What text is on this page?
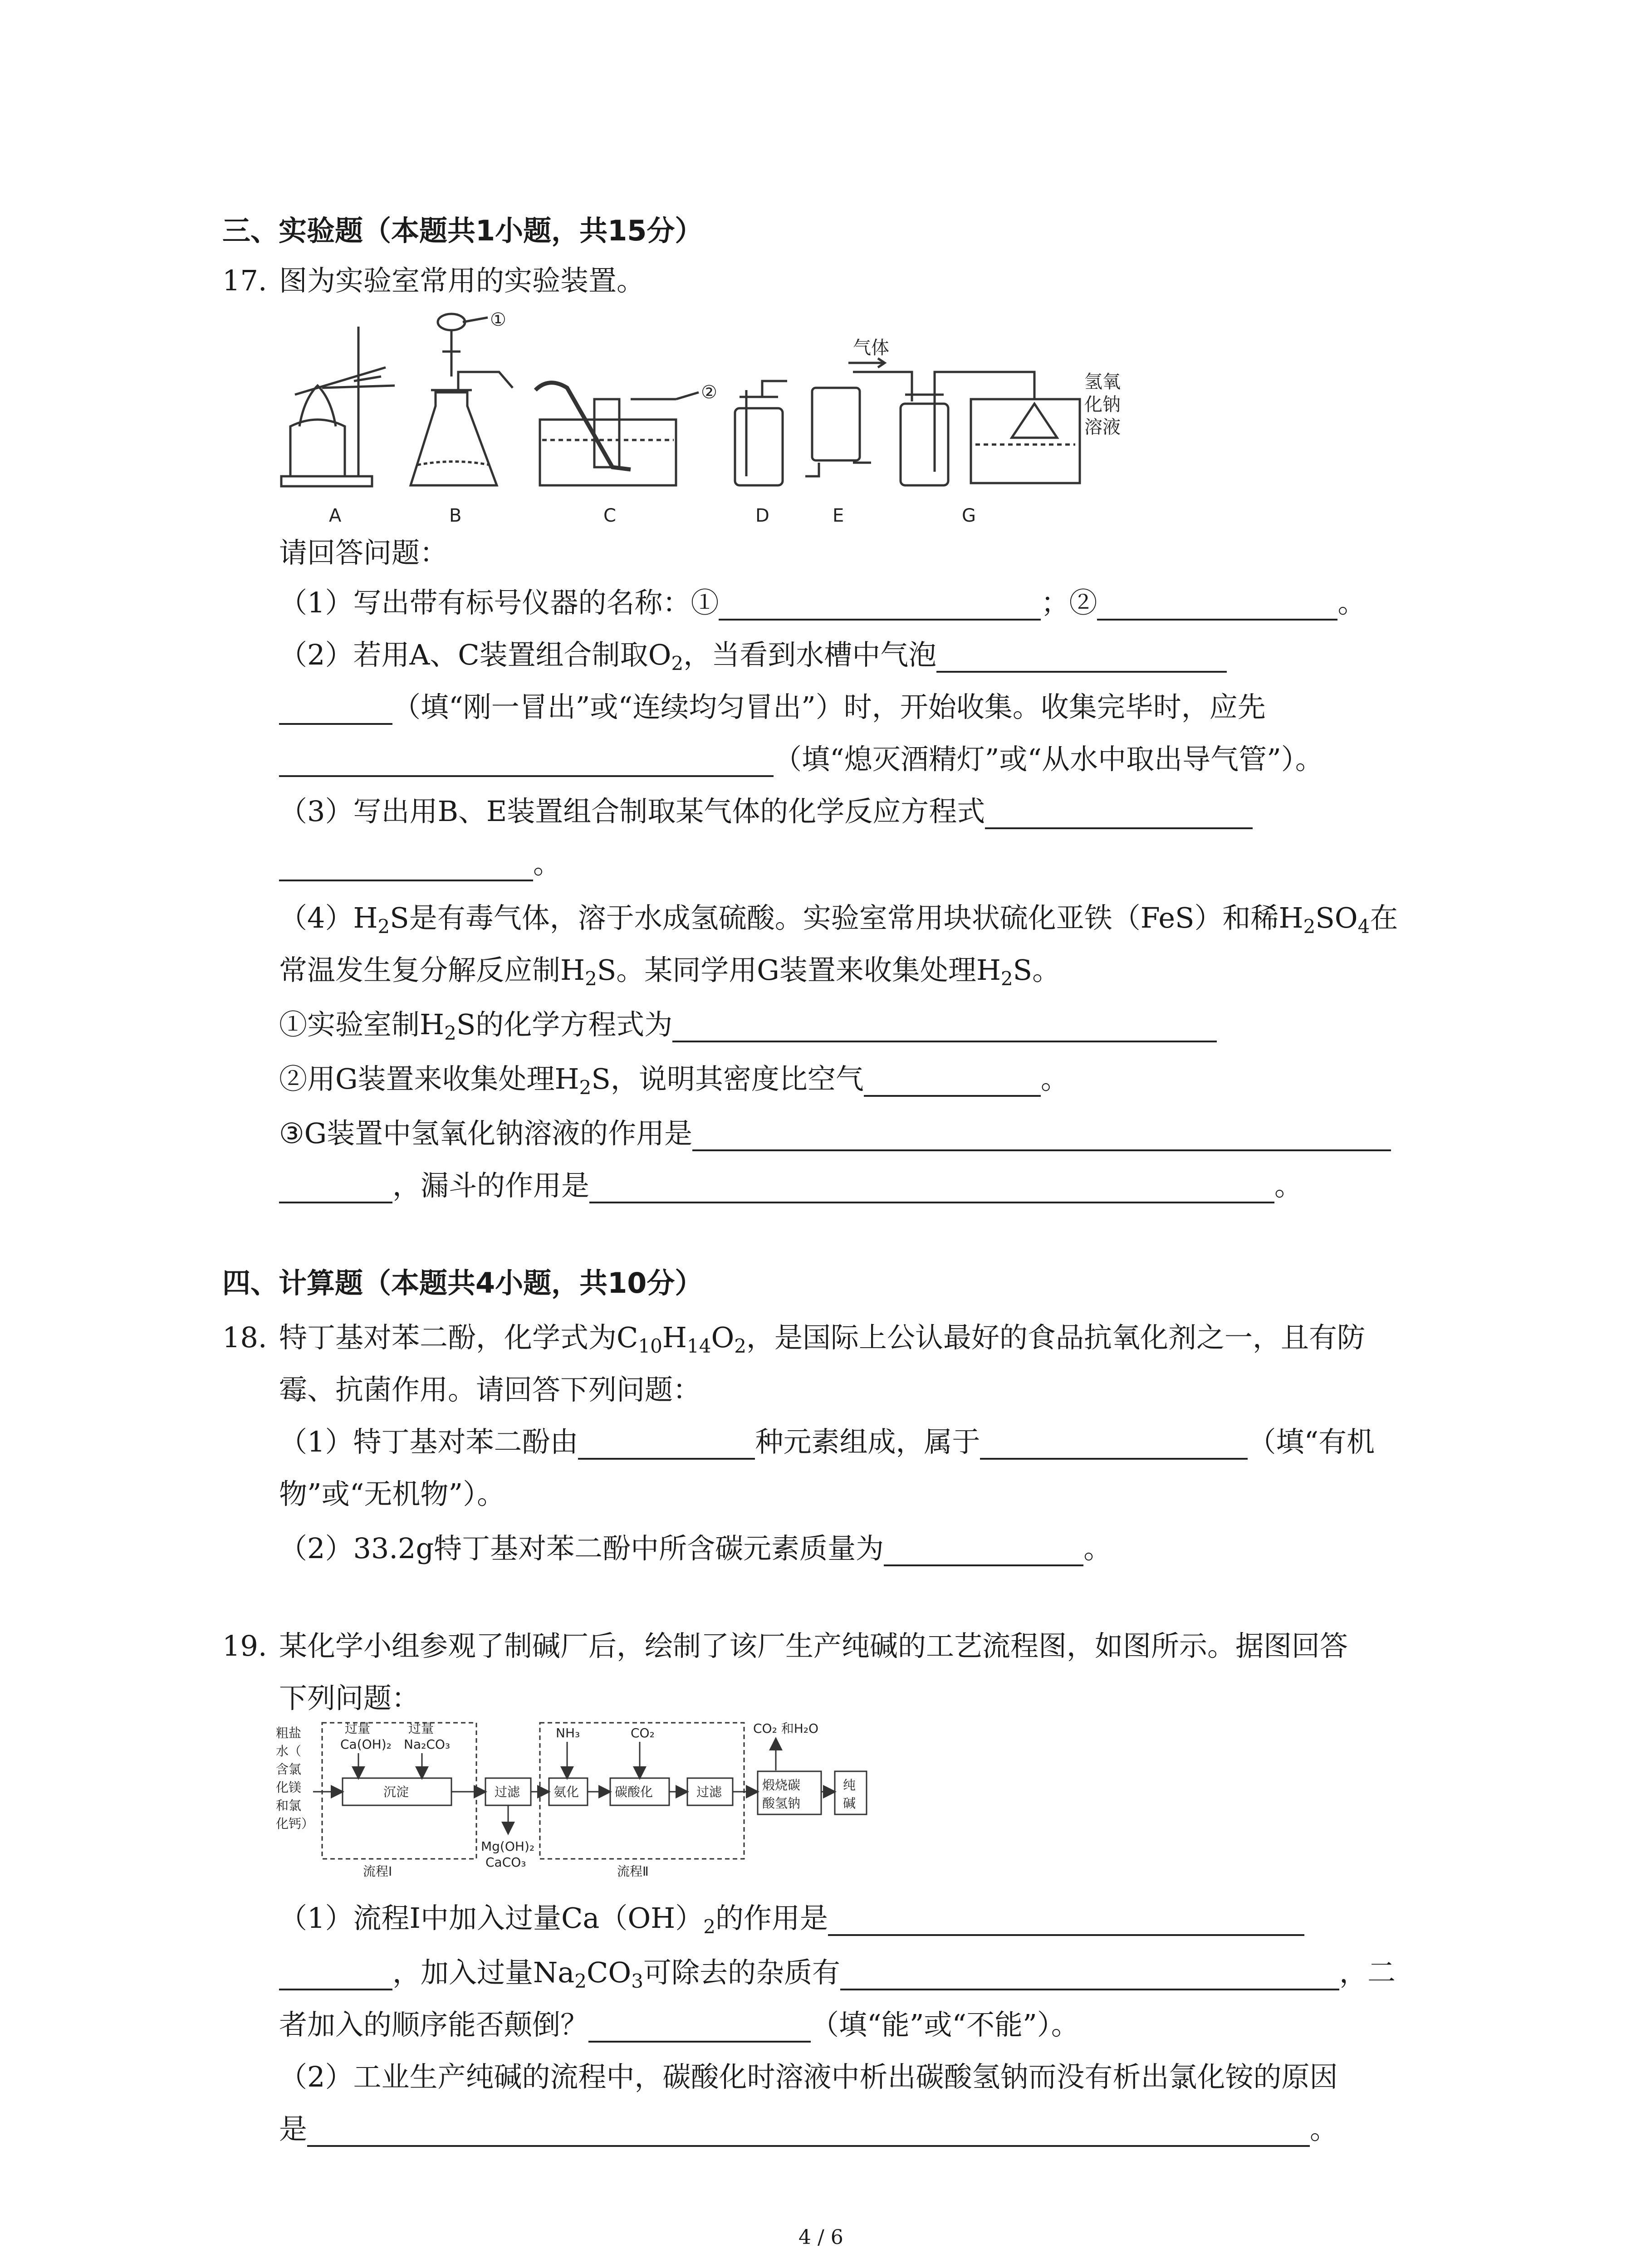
三、实验题（本题共1小题，共15分）
17. 图为实验室常用的实验装置。
氢氧
化钠
溶液
气体
①
②
A	B	C	D	E	G
请回答问题：
（1）写出带有标号仪器的名称：①	；②	。
（2）若用A、C装置组合制取$O_2$，当看到水槽中气泡
（填“刚一冒出”或“连续均匀冒出”）时，开始收集。收集完毕时，应先
（填“熄灭酒精灯”或“从水中取出导气管”）。
（3）写出用B、E装置组合制取某气体的化学反应方程式
。
$(4)H_2S$是有毒气体，溶于水成氢硫酸。实验室常用块状硫化亚铁（FeS）和稀$H_2SO_4$在
常温发生复分解反应制$H_2S$。某同学用G装置来收集处理$H_2S$。
①实验室制$H_2S$的化学方程式为
②用G装置来收集处理$H_2S$，说明其密度比空气	。
③G装置中氢氧化钠溶液的作用是
，漏斗的作用是	。
四、计算题（本题共4小题，共10分）
18. 特丁基对苯二酚，化学式为$C_{10}H_{14}O_2$，是国际上公认最好的食品抗氧化剂之一，且有防
霉、抗菌作用。请回答下列问题：
（1）特丁基对苯二酚由	种元素组成，属于	（填“有机
物”或“无机物”）。
（2）33.2g特丁基对苯二酚中所含碳元素质量为	。
19. 某化学小组参观了制碱厂后，绘制了该厂生产纯碱的工艺流程图，如图所示。据图回答
下列问题：
粗盐
水（
含氯
化镁
和氯
化钙）
过量
Ca(OH)₂
过量
Na₂CO₃
沉淀	过滤
Mg(OH)₂
CaCO₃
NH₃	CO₂
氨化	碳酸化	过滤	煅烧碳
酸氢钠
CO₂ 和H₂O
纯
碱
流程Ⅰ	流程Ⅱ
（1）流程Ⅰ中加入过量$Ca(OH)_2$的作用是
，加入过量$Na_2CO_3$可除去的杂质有	，二
者加入的顺序能否颠倒？	（填“能”或“不能”）。
（2）工业生产纯碱的流程中，碳酸化时溶液中析出碳酸氢钠而没有析出氯化铵的原因
是	。
4 / 6
